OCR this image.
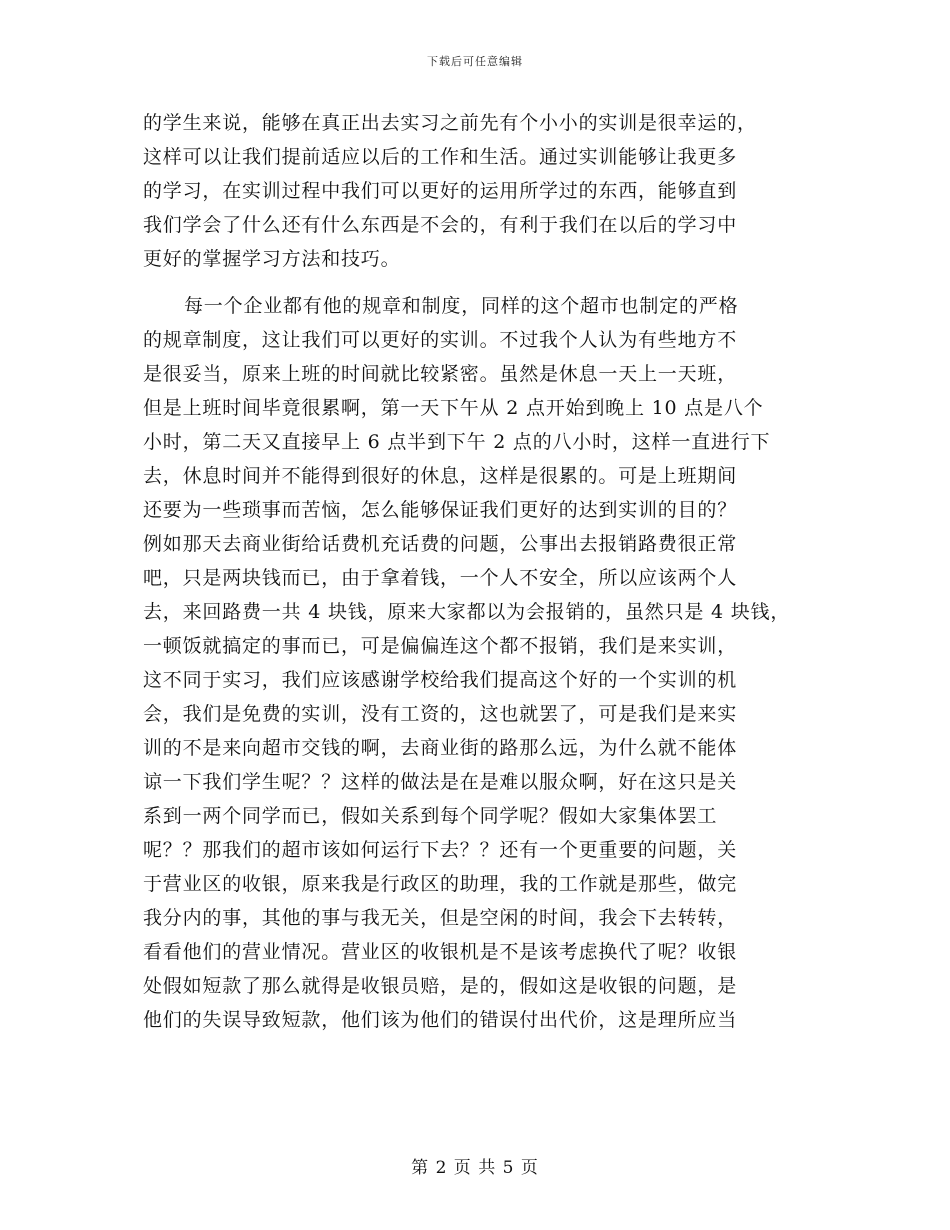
下载后可任意编辑
的学生来说，能够在真正出去实习之前先有个小小的实训是很幸运的，
这样可以让我们提前适应以后的工作和生活。通过实训能够让我更多
的学习，在实训过程中我们可以更好的运用所学过的东西，能够直到
我们学会了什么还有什么东西是不会的，有利于我们在以后的学习中
更好的掌握学习方法和技巧。
每一个企业都有他的规章和制度，同样的这个超市也制定的严格
的规章制度，这让我们可以更好的实训。不过我个人认为有些地方不
是很妥当，原来上班的时间就比较紧密。虽然是休息一天上一天班，
但是上班时间毕竟很累啊，第一天下午从 2 点开始到晚上 10 点是八个
小时，第二天又直接早上 6 点半到下午 2 点的八小时，这样一直进行下
去，休息时间并不能得到很好的休息，这样是很累的。可是上班期间
还要为一些琐事而苦恼，怎么能够保证我们更好的达到实训的目的？
例如那天去商业街给话费机充话费的问题，公事出去报销路费很正常
吧，只是两块钱而已，由于拿着钱，一个人不安全，所以应该两个人
去，来回路费一共 4 块钱，原来大家都以为会报销的，虽然只是 4 块钱，
一顿饭就搞定的事而已，可是偏偏连这个都不报销，我们是来实训，
这不同于实习，我们应该感谢学校给我们提高这个好的一个实训的机
会，我们是免费的实训，没有工资的，这也就罢了，可是我们是来实
训的不是来向超市交钱的啊，去商业街的路那么远，为什么就不能体
谅一下我们学生呢？？这样的做法是在是难以服众啊，好在这只是关
系到一两个同学而已，假如关系到每个同学呢？假如大家集体罢工
呢？？那我们的超市该如何运行下去？？还有一个更重要的问题，关
于营业区的收银，原来我是行政区的助理，我的工作就是那些，做完
我分内的事，其他的事与我无关，但是空闲的时间，我会下去转转，
看看他们的营业情况。营业区的收银机是不是该考虑换代了呢？收银
处假如短款了那么就得是收银员赔，是的，假如这是收银的问题，是
他们的失误导致短款，他们该为他们的错误付出代价，这是理所应当
第 2 页 共 5 页
